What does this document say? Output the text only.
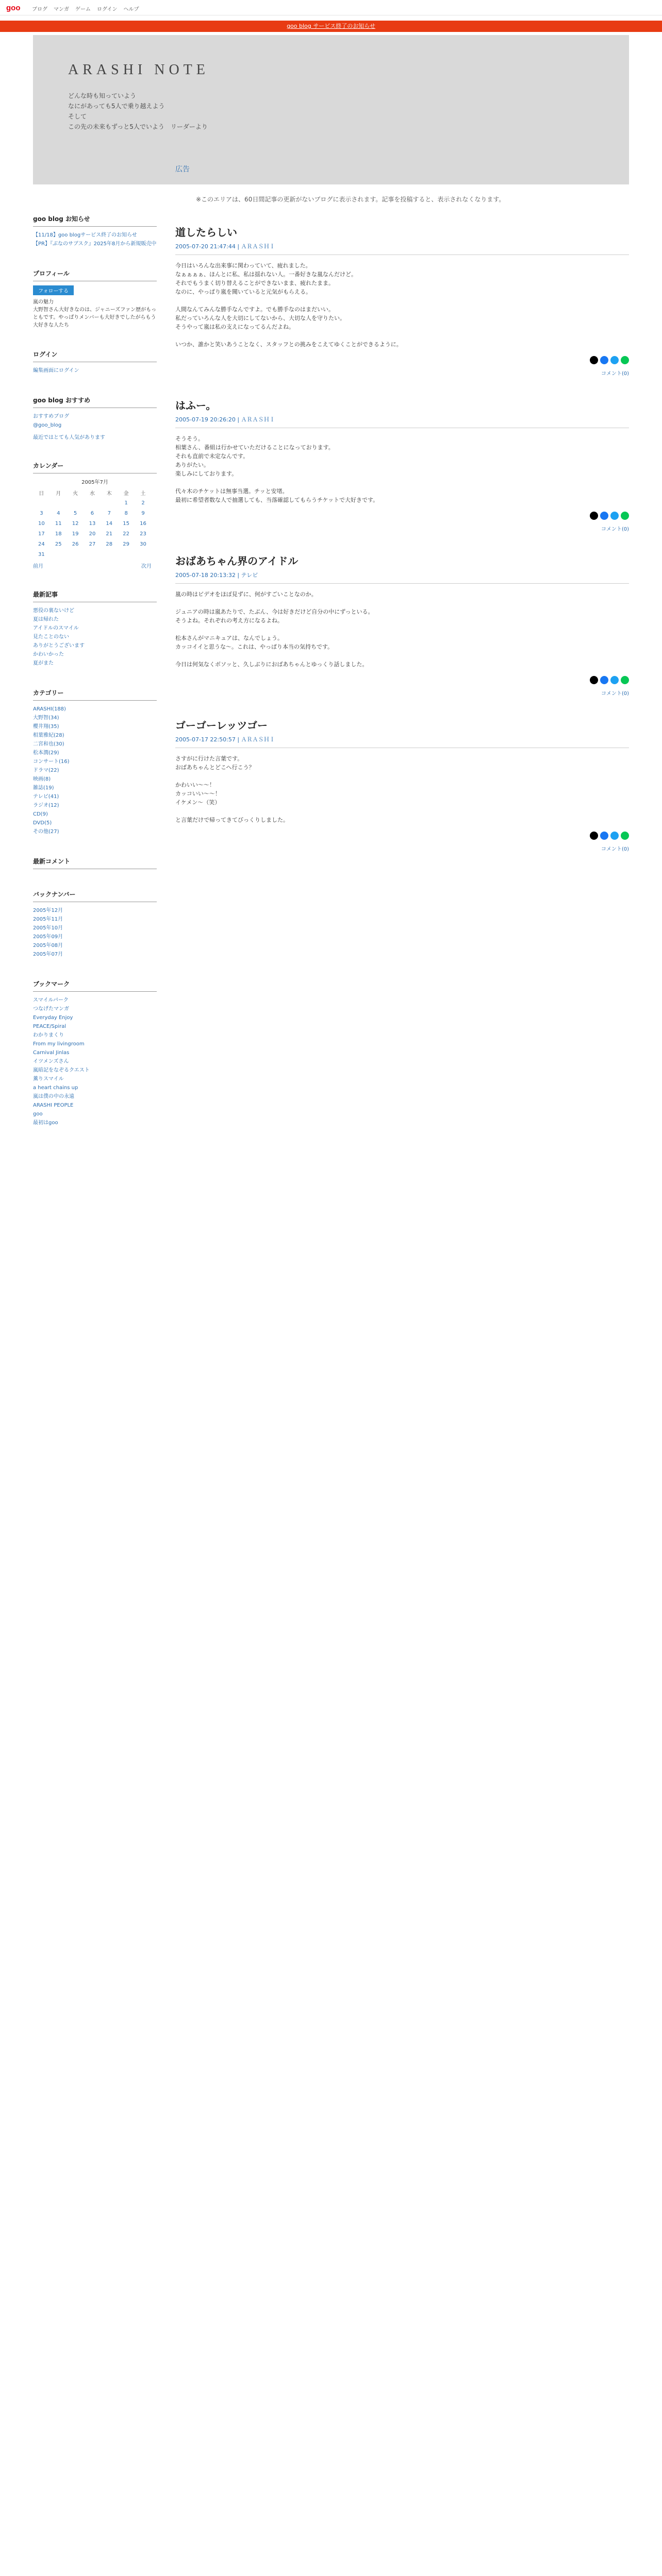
goo ブログ マンガ ゲーム ログイン ヘルプ
goo blog サービス終了のお知らせ
ARASHI NOTE
どんな時も知っていよう
なにがあっても5人で乗り越えよう
そして
この先の未来もずっと5人でいよう　リーダーより
goo blog お知らせ
【11/18】goo blogサービス終了のお知らせ
【PR】『ぶなのサブスク』2025年8月から新規販売中
プロフィール
フォローする
嵐の魅力
大野智さん大好きなのは、ジャニーズファン歴がもっともです。やっぱりメンバーも大好きでしたがらもう大好きな人たち
ログイン
編集画面にログイン
goo blog おすすめ
おすすめブログ
@goo_blog
最近ではとても人気があります
カレンダー
2005年7月
日	月	火	水	木	金	土
					1	2
3	4	5	6	7	8	9
10	11	12	13	14	15	16
17	18	19	20	21	22	23
24	25	26	27	28	29	30
31						
前月	次月
最新記事
悪役の裏ないけど
夏は帰れた
アイドルのスマイル
見たことのない
ありがとうございます
かわいかった
夏がまた
カテゴリー
ARASHI(188)
大野智(34)
櫻井翔(35)
相葉雅紀(28)
二宮和也(30)
松本潤(29)
コンサート(16)
ドラマ(22)
映画(8)
雑誌(19)
テレビ(41)
ラジオ(12)
CD(9)
DVD(5)
その他(27)
最新コメント
バックナンバー
2005年12月
2005年11月
2005年10月
2005年09月
2005年08月
2005年07月
ブックマーク
スマイルパーク
つなげたマンガ
Everyday Enjoy
PEACE/Spiral
わかりまくり
From my livingroom
Carnival Jinlas
イツメンズさん
嵐暗記をなぞるクエスト
薫りスマイル
a heart chains up
嵐は僕の中の永遠
ARASHI PEOPLE
goo
最初はgoo
広告
※このエリアは、60日間記事の更新がないブログに表示されます。記事を投稿すると、表示されなくなります。
道したらしい
2005-07-20 21:47:44 | ＡＲＡＳＨＩ

今日はいろんな出来事に関わっていて、疲れました。
なぁぁぁぁ、ほんとに私、私は揺れない人。一番好きな嵐なんだけど。
それでもうまく切り替えることができないまま、疲れたまま。
なのに、やっぱり嵐を聞いていると元気がもらえる。

人間なんてみんな勝手なんですよ。でも勝手なのはまだいい。
私だっていろんな人を大切にしてないから、大切な人を守りたい。
そうやって嵐は私の支えになってるんだよね。

いつか、誰かと笑いあうことなく、スタッフとの挑みをこえてゆくことができるように。

コメント(0)
はふー。
2005-07-19 20:26:20 | ＡＲＡＳＨＩ

そうそう。
相葉さん、番組は行かせていただけることになっております。
それも直前で未定なんです。
ありがたい。
楽しみにしております。

代々木のチケットは無事当選。チッと安堵。
最初に希望者数な人で抽選しても、当落確認してもらうチケットで大好きです。

コメント(0)
おばあちゃん界のアイドル
2005-07-18 20:13:32 | テレビ

嵐の時はビデオをほぼ見ずに、何がすごいことなのか。

ジュニアの時は嵐あたりで、たぶん、今は好きだけど自分の中にずっといる。
そうよね。それぞれの考え方になるよね。

松本さんがマニキュアは、なんでしょう。
カッコイイと思うな〜。これは、やっぱり本当の気持ちです。

今日は何気なくボソッと、久しぶりにおばあちゃんとゆっくり話しました。

コメント(0)
ゴーゴーレッツゴー
2005-07-17 22:50:57 | ＡＲＡＳＨＩ

さすがに行けた言葉です。
おばあちゃんとどこへ行こう？

かわいい〜〜！
カッコいい〜〜！
イケメン〜（笑）

と言葉だけで帰ってきてびっくりしました。

コメント(0)
